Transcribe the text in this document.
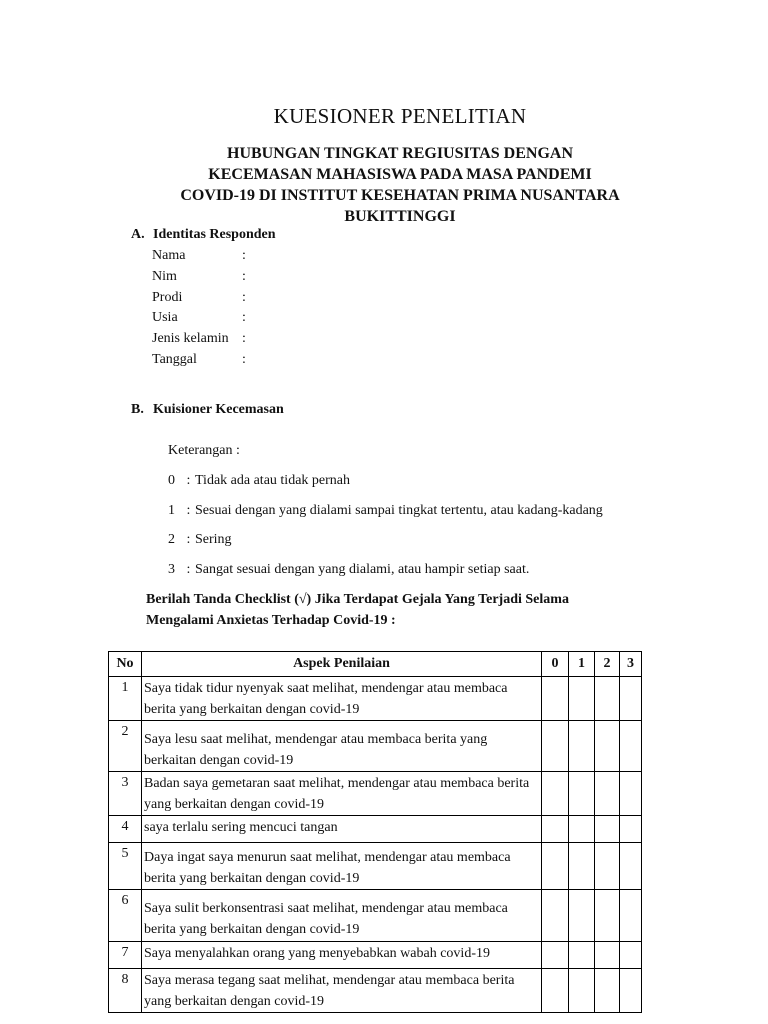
KUESIONER PENELITIAN
HUBUNGAN TINGKAT REGIUSITAS DENGAN
KECEMASAN MAHASISWA PADA MASA PANDEMI
COVID-19 DI INSTITUT KESEHATAN PRIMA NUSANTARA
BUKITTINGGI
A. Identitas Responden
Nama	:
Nim	:
Prodi	:
Usia	:
Jenis kelamin :
Tanggal	:
B. Kuisioner Kecemasan
Keterangan :
0 : Tidak ada atau tidak pernah
1 : Sesuai dengan yang dialami sampai tingkat tertentu, atau kadang-kadang
2 : Sering
3 : Sangat sesuai dengan yang dialami, atau hampir setiap saat.
Berilah Tanda Checklist (√) Jika Terdapat Gejala Yang Terjadi Selama
Mengalami Anxietas Terhadap Covid-19 :
No	Aspek Penilaian	0	1	2	3
1	Saya tidak tidur nyenyak saat melihat, mendengar atau membaca berita yang berkaitan dengan covid-19				
2	Saya lesu saat melihat, mendengar atau membaca berita yang berkaitan dengan covid-19				
3	Badan saya gemetaran saat melihat, mendengar atau membaca berita yang berkaitan dengan covid-19				
4	saya terlalu sering mencuci tangan				
5	Daya ingat saya menurun saat melihat, mendengar atau membaca berita yang berkaitan dengan covid-19				
6	Saya sulit berkonsentrasi saat melihat, mendengar atau membaca berita yang berkaitan dengan covid-19				
7	Saya menyalahkan orang yang menyebabkan wabah covid-19				
8	Saya merasa tegang saat melihat, mendengar atau membaca berita yang berkaitan dengan covid-19				
